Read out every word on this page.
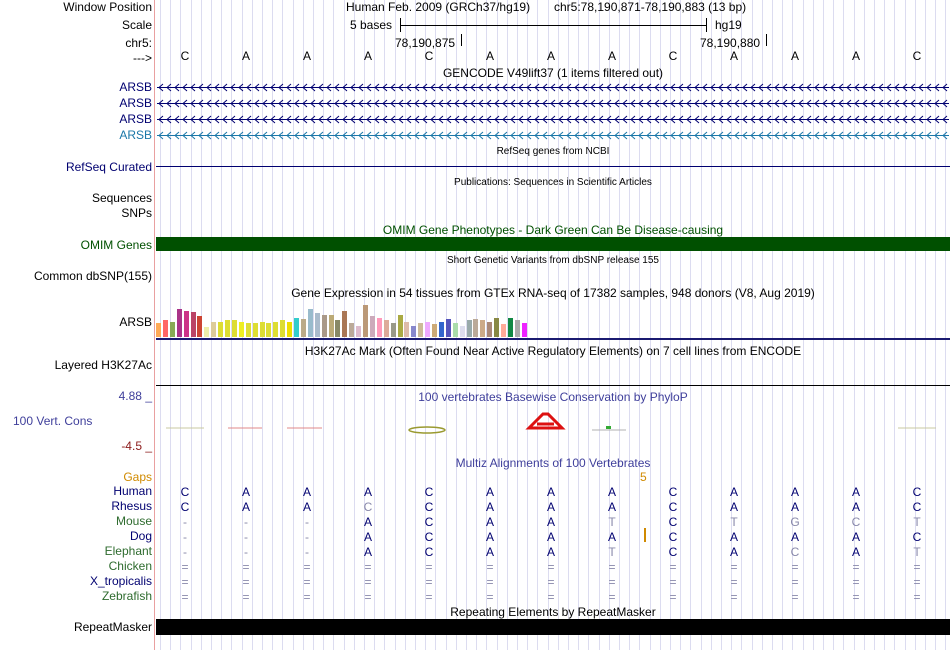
Window Position	Human Feb. 2009 (GRCh37/hg19) chr5:78,190,871-78,190,883 (13 bp)
Scale	5 bases	hg19
chr5:	78,190,875	78,190,880
---> C	A	A	A	C	A	A	A	C	A	A	A	C
GENCODE V49lift37 (1 items filtered out)
ARSB
ARSB
ARSB
ARSB
RefSeq genes from NCBI
RefSeq Curated
Publications: Sequences in Scientific Articles
Sequences
SNPs
OMIM Gene Phenotypes - Dark Green Can Be Disease-causing
OMIM Genes
Short Genetic Variants from dbSNP release 155
Common dbSNP(155)
Gene Expression in 54 tissues from GTEx RNA-seq of 17382 samples, 948 donors (V8, Aug 2019)
ARSB
H3K27Ac Mark (Often Found Near Active Regulatory Elements) on 7 cell lines from ENCODE
Layered H3K27Ac
100 vertebrates Basewise Conservation by PhyloP
4.88 _
100 Vert. Cons
-4.5 _
Multiz Alignments of 100 Vertebrates
Gaps	5
Human C	A	A	A	C	A	A	A	C	A	A	A	C
Rhesus C	A	A	C	C	A	A	A	C	A	A	A	C
Mouse	-	-	-	A	C	A	A	T	C	T	G	C	T
Dog	-	-	-	A	C	A	A	A	C	A	A	A	C
Elephant	-	-	-	A	C	A	A	T	C	A	C	A	T
Chicken =	=	=	=	=	=	=	=	=	=	=	=	=
X_tropicalis =	=	=	=	=	=	=	=	=	=	=	=	=
Zebrafish =	=	=	=	=	=	=	=	=	=	=	=	=
Repeating Elements by RepeatMasker
RepeatMasker
